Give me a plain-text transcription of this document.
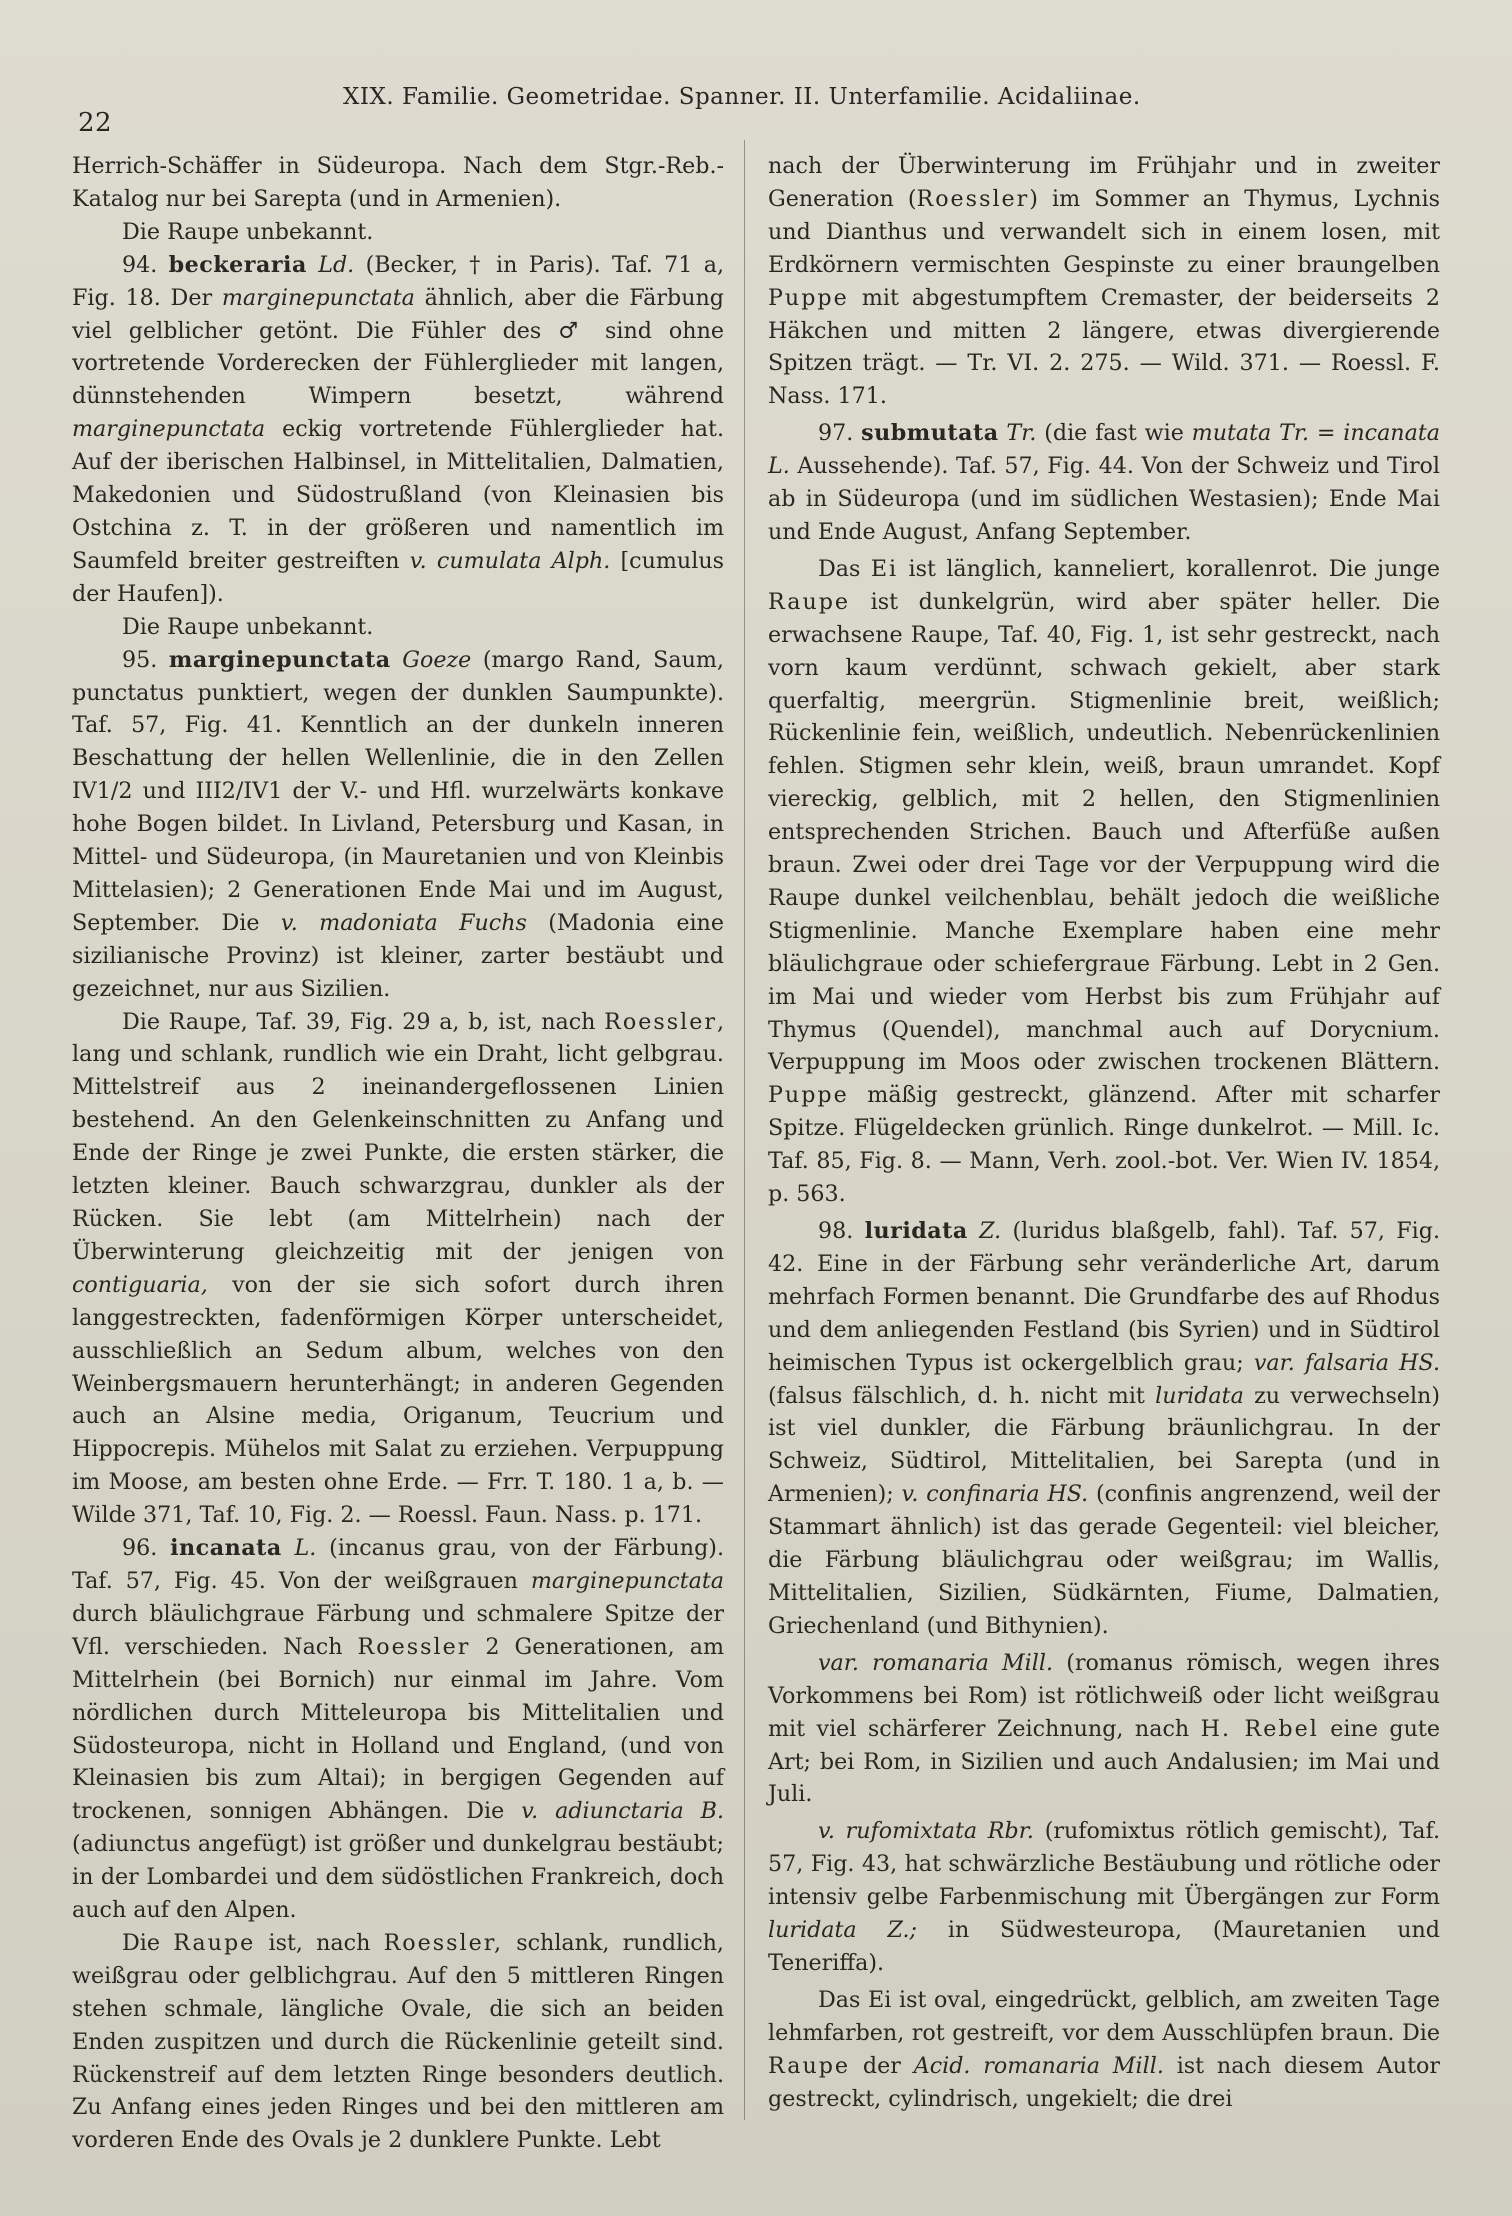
22
XIX. Familie. Geometridae. Spanner. II. Unterfamilie. Acidaliinae.

Herrich-Schäffer in Südeuropa. Nach dem Stgr.-Reb.-Katalog nur bei Sarepta (und in Armenien).

Die Raupe unbekannt.

94. beckeraria Ld. (Becker, † in Paris). Taf. 71 a, Fig. 18. Der marginepunctata ähnlich, aber die Färbung viel gelblicher getönt. Die Fühler des ♂ sind ohne vortretende Vorderecken der Fühlerglieder mit langen, dünnstehenden Wimpern besetzt, während marginepunctata eckig vortretende Fühlerglieder hat. Auf der iberischen Halbinsel, in Mittelitalien, Dalmatien, Makedonien und Südostrußland (von Kleinasien bis Ostchina z. T. in der größeren und namentlich im Saumfeld breiter gestreiften v. cumulata Alph. [cumulus der Haufen]).

Die Raupe unbekannt.

95. marginepunctata Goeze (margo Rand, Saum, punctatus punktiert, wegen der dunklen Saumpunkte). Taf. 57, Fig. 41. Kenntlich an der dunkeln inneren Beschattung der hellen Wellenlinie, die in den Zellen IV1/2 und III2/IV1 der V.- und Hfl. wurzelwärts konkave hohe Bogen bildet. In Livland, Petersburg und Kasan, in Mittel- und Südeuropa, (in Mauretanien und von Kleinbis Mittelasien); 2 Generationen Ende Mai und im August, September. Die v. madoniata Fuchs (Madonia eine sizilianische Provinz) ist kleiner, zarter bestäubt und gezeichnet, nur aus Sizilien.

Die Raupe, Taf. 39, Fig. 29 a, b, ist, nach Roessler, lang und schlank, rundlich wie ein Draht, licht gelbgrau. Mittelstreif aus 2 ineinandergeflossenen Linien bestehend. An den Gelenkeinschnitten zu Anfang und Ende der Ringe je zwei Punkte, die ersten stärker, die letzten kleiner. Bauch schwarzgrau, dunkler als der Rücken. Sie lebt (am Mittelrhein) nach der Überwinterung gleichzeitig mit der jenigen von contiguaria, von der sie sich sofort durch ihren langgestreckten, fadenförmigen Körper unterscheidet, ausschließlich an Sedum album, welches von den Weinbergsmauern herunterhängt; in anderen Gegenden auch an Alsine media, Origanum, Teucrium und Hippocrepis. Mühelos mit Salat zu erziehen. Verpuppung im Moose, am besten ohne Erde. — Frr. T. 180. 1 a, b. — Wilde 371, Taf. 10, Fig. 2. — Roessl. Faun. Nass. p. 171.

96. incanata L. (incanus grau, von der Färbung). Taf. 57, Fig. 45. Von der weißgrauen marginepunctata durch bläulichgraue Färbung und schmalere Spitze der Vfl. verschieden. Nach Roessler 2 Generationen, am Mittelrhein (bei Bornich) nur einmal im Jahre. Vom nördlichen durch Mitteleuropa bis Mittelitalien und Südosteuropa, nicht in Holland und England, (und von Kleinasien bis zum Altai); in bergigen Gegenden auf trockenen, sonnigen Abhängen. Die v. adiunctaria B. (adiunctus angefügt) ist größer und dunkelgrau bestäubt; in der Lombardei und dem südöstlichen Frankreich, doch auch auf den Alpen.

Die Raupe ist, nach Roessler, schlank, rundlich, weißgrau oder gelblichgrau. Auf den 5 mittleren Ringen stehen schmale, längliche Ovale, die sich an beiden Enden zuspitzen und durch die Rückenlinie geteilt sind. Rückenstreif auf dem letzten Ringe besonders deutlich. Zu Anfang eines jeden Ringes und bei den mittleren am vorderen Ende des Ovals je 2 dunklere Punkte. Lebt

nach der Überwinterung im Frühjahr und in zweiter Generation (Roessler) im Sommer an Thymus, Lychnis und Dianthus und verwandelt sich in einem losen, mit Erdkörnern vermischten Gespinste zu einer braungelben Puppe mit abgestumpftem Cremaster, der beiderseits 2 Häkchen und mitten 2 längere, etwas divergierende Spitzen trägt. — Tr. VI. 2. 275. — Wild. 371. — Roessl. F. Nass. 171.

97. submutata Tr. (die fast wie mutata Tr. = incanata L. Aussehende). Taf. 57, Fig. 44. Von der Schweiz und Tirol ab in Südeuropa (und im südlichen Westasien); Ende Mai und Ende August, Anfang September.

Das Ei ist länglich, kanneliert, korallenrot. Die junge Raupe ist dunkelgrün, wird aber später heller. Die erwachsene Raupe, Taf. 40, Fig. 1, ist sehr gestreckt, nach vorn kaum verdünnt, schwach gekielt, aber stark querfaltig, meergrün. Stigmenlinie breit, weißlich; Rückenlinie fein, weißlich, undeutlich. Nebenrückenlinien fehlen. Stigmen sehr klein, weiß, braun umrandet. Kopf viereckig, gelblich, mit 2 hellen, den Stigmenlinien entsprechenden Strichen. Bauch und Afterfüße außen braun. Zwei oder drei Tage vor der Verpuppung wird die Raupe dunkel veilchenblau, behält jedoch die weißliche Stigmenlinie. Manche Exemplare haben eine mehr bläulichgraue oder schiefergraue Färbung. Lebt in 2 Gen. im Mai und wieder vom Herbst bis zum Frühjahr auf Thymus (Quendel), manchmal auch auf Dorycnium. Verpuppung im Moos oder zwischen trockenen Blättern. Puppe mäßig gestreckt, glänzend. After mit scharfer Spitze. Flügeldecken grünlich. Ringe dunkelrot. — Mill. Ic. Taf. 85, Fig. 8. — Mann, Verh. zool.-bot. Ver. Wien IV. 1854, p. 563.

98. luridata Z. (luridus blaßgelb, fahl). Taf. 57, Fig. 42. Eine in der Färbung sehr veränderliche Art, darum mehrfach Formen benannt. Die Grundfarbe des auf Rhodus und dem anliegenden Festland (bis Syrien) und in Südtirol heimischen Typus ist ockergelblich grau; var. falsaria HS. (falsus fälschlich, d. h. nicht mit luridata zu verwechseln) ist viel dunkler, die Färbung bräunlichgrau. In der Schweiz, Südtirol, Mittelitalien, bei Sarepta (und in Armenien); v. confinaria HS. (confinis angrenzend, weil der Stammart ähnlich) ist das gerade Gegenteil: viel bleicher, die Färbung bläulichgrau oder weißgrau; im Wallis, Mittelitalien, Sizilien, Südkärnten, Fiume, Dalmatien, Griechenland (und Bithynien).

var. romanaria Mill. (romanus römisch, wegen ihres Vorkommens bei Rom) ist rötlichweiß oder licht weißgrau mit viel schärferer Zeichnung, nach H. Rebel eine gute Art; bei Rom, in Sizilien und auch Andalusien; im Mai und Juli.

v. rufomixtata Rbr. (rufomixtus rötlich gemischt), Taf. 57, Fig. 43, hat schwärzliche Bestäubung und rötliche oder intensiv gelbe Farbenmischung mit Übergängen zur Form luridata Z.; in Südwesteuropa, (Mauretanien und Teneriffa).

Das Ei ist oval, eingedrückt, gelblich, am zweiten Tage lehmfarben, rot gestreift, vor dem Ausschlüpfen braun. Die Raupe der Acid. romanaria Mill. ist nach diesem Autor gestreckt, cylindrisch, ungekielt; die drei
